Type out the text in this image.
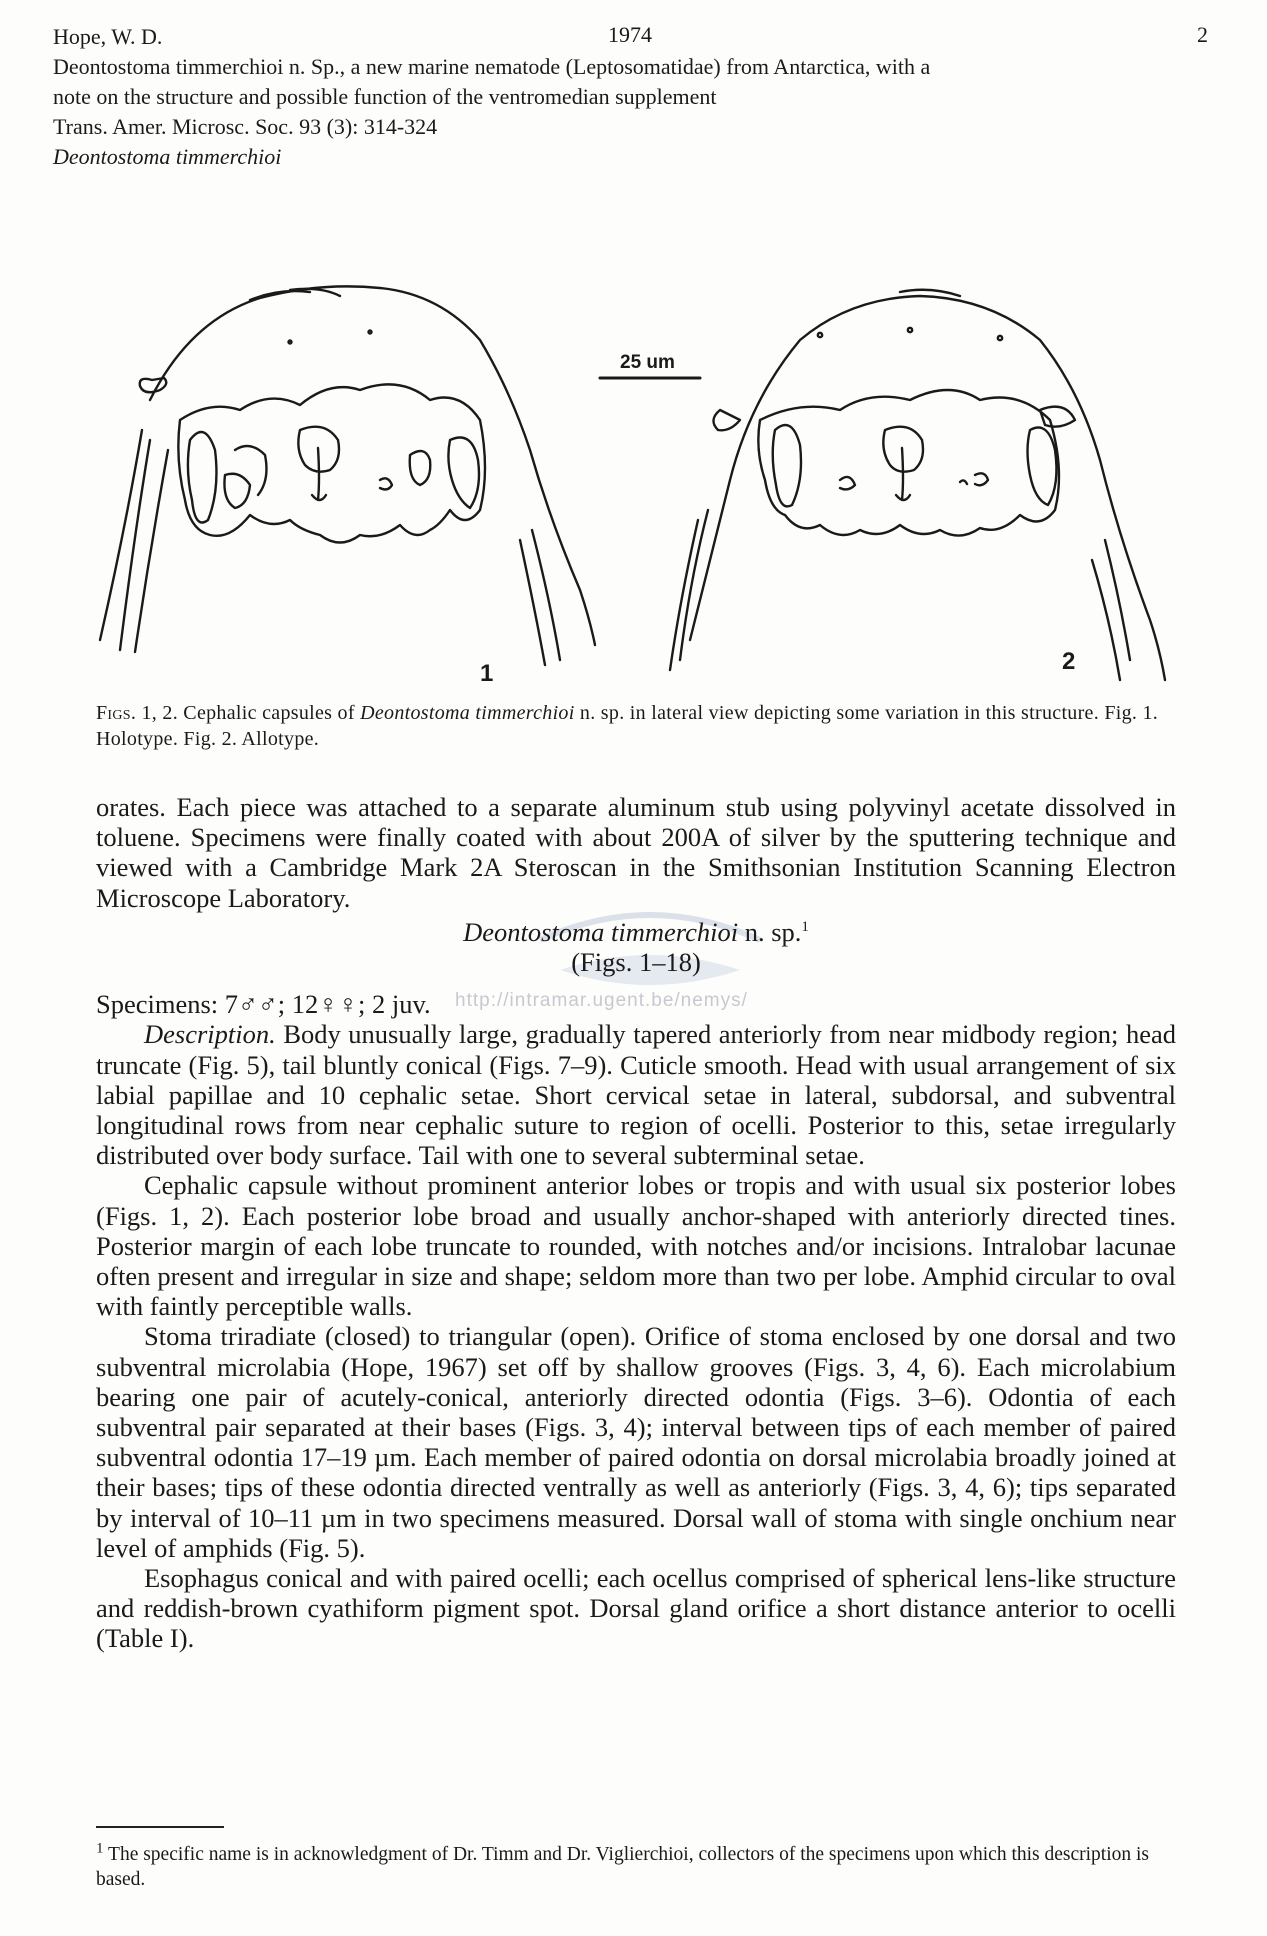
Hope, W. D.
Deontostoma timmerchioi n. Sp., a new marine nematode (Leptosomatidae) from Antarctica, with a
note on the structure and possible function of the ventromedian supplement
Trans. Amer. Microsc. Soc. 93 (3): 314-324
Deontostoma timmerchioi
1974	2
25 um
1	2
Figs. 1, 2. Cephalic capsules of Deontostoma timmerchioi n. sp. in lateral view depicting some variation in this structure. Fig. 1. Holotype. Fig. 2. Allotype.
http://intramar.ugent.be/nemys/

orates. Each piece was attached to a separate aluminum stub using polyvinyl acetate dissolved in toluene. Specimens were finally coated with about 200A of silver by the sputtering technique and viewed with a Cambridge Mark 2A Steroscan in the Smithsonian Institution Scanning Electron Microscope Laboratory.

Deontostoma timmerchioi n. sp.$^1$

(Figs. 1–18)

Specimens: 7♂♂; 12♀♀; 2 juv.

Description. Body unusually large, gradually tapered anteriorly from near midbody region; head truncate (Fig. 5), tail bluntly conical (Figs. 7–9). Cuticle smooth. Head with usual arrangement of six labial papillae and 10 cephalic setae. Short cervical setae in lateral, subdorsal, and subventral longitudinal rows from near cephalic suture to region of ocelli. Posterior to this, setae irregularly distributed over body surface. Tail with one to several subterminal setae.

Cephalic capsule without prominent anterior lobes or tropis and with usual six posterior lobes (Figs. 1, 2). Each posterior lobe broad and usually anchor-shaped with anteriorly directed tines. Posterior margin of each lobe truncate to rounded, with notches and/or incisions. Intralobar lacunae often present and irregular in size and shape; seldom more than two per lobe. Amphid circular to oval with faintly perceptible walls.

Stoma triradiate (closed) to triangular (open). Orifice of stoma enclosed by one dorsal and two subventral microlabia (Hope, 1967) set off by shallow grooves (Figs. 3, 4, 6). Each microlabium bearing one pair of acutely-conical, anteriorly directed odontia (Figs. 3–6). Odontia of each subventral pair separated at their bases (Figs. 3, 4); interval between tips of each member of paired subventral odontia 17–19 µm. Each member of paired odontia on dorsal microlabia broadly joined at their bases; tips of these odontia directed ventrally as well as anteriorly (Figs. 3, 4, 6); tips separated by interval of 10–11 µm in two specimens measured. Dorsal wall of stoma with single onchium near level of amphids (Fig. 5).

Esophagus conical and with paired ocelli; each ocellus comprised of spherical lens-like structure and reddish-brown cyathiform pigment spot. Dorsal gland orifice a short distance anterior to ocelli (Table I).

$^1$ The specific name is in acknowledgment of Dr. Timm and Dr. Viglierchioi, collectors of the specimens upon which this description is based.
